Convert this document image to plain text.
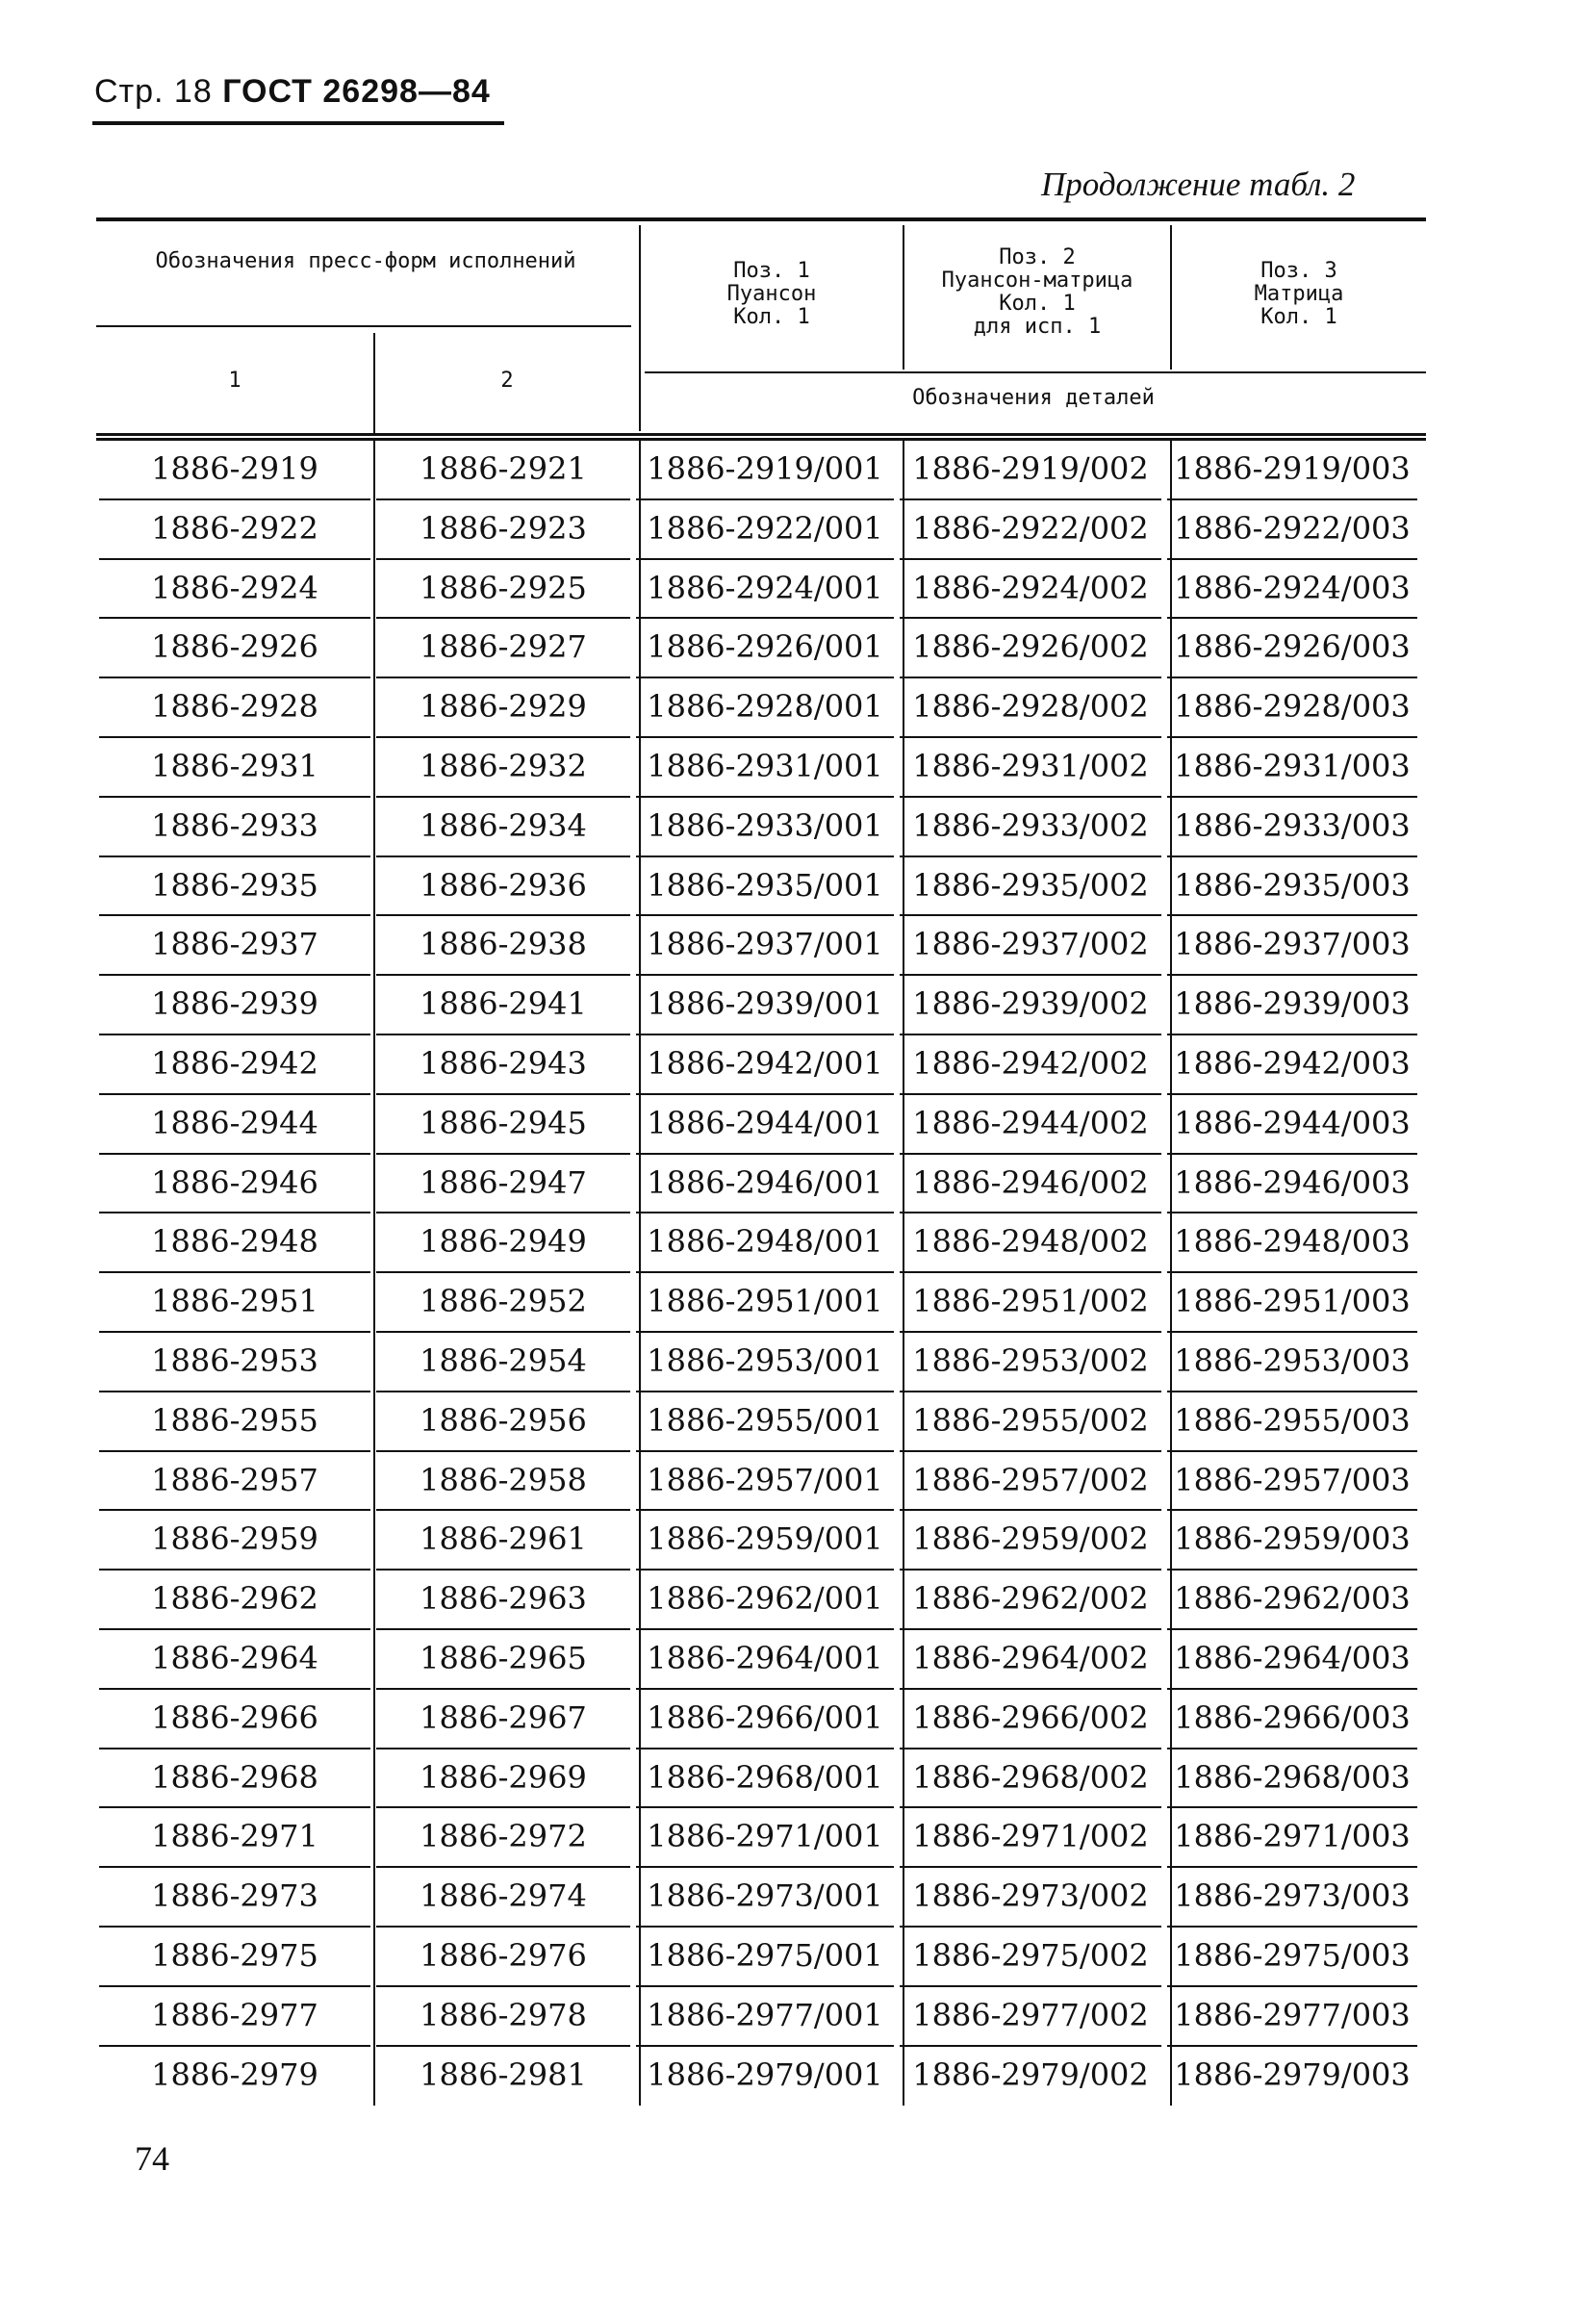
Стр. 18 ГОСТ 26298—84
Продолжение табл. 2
Обозначения пресс-форм исполнений
1	2
Поз. 1
Пуансон
Кол. 1
Поз. 2
Пуансон-матрица
Кол. 1
для исп. 1
Поз. 3
Матрица
Кол. 1
Обозначения деталей
1886-2919	1886-2921	1886-2919/001 1886-2919/002 1886-2919/003
1886-2922	1886-2923	1886-2922/001 1886-2922/002 1886-2922/003
1886-2924	1886-2925	1886-2924/001 1886-2924/002 1886-2924/003
1886-2926	1886-2927	1886-2926/001 1886-2926/002 1886-2926/003
1886-2928	1886-2929	1886-2928/001 1886-2928/002 1886-2928/003
1886-2931	1886-2932	1886-2931/001 1886-2931/002 1886-2931/003
1886-2933	1886-2934	1886-2933/001 1886-2933/002 1886-2933/003
1886-2935	1886-2936	1886-2935/001 1886-2935/002 1886-2935/003
1886-2937	1886-2938	1886-2937/001 1886-2937/002 1886-2937/003
1886-2939	1886-2941	1886-2939/001 1886-2939/002 1886-2939/003
1886-2942	1886-2943	1886-2942/001 1886-2942/002 1886-2942/003
1886-2944	1886-2945	1886-2944/001 1886-2944/002 1886-2944/003
1886-2946	1886-2947	1886-2946/001 1886-2946/002 1886-2946/003
1886-2948	1886-2949	1886-2948/001 1886-2948/002 1886-2948/003
1886-2951	1886-2952	1886-2951/001 1886-2951/002 1886-2951/003
1886-2953	1886-2954	1886-2953/001 1886-2953/002 1886-2953/003
1886-2955	1886-2956	1886-2955/001 1886-2955/002 1886-2955/003
1886-2957	1886-2958	1886-2957/001 1886-2957/002 1886-2957/003
1886-2959	1886-2961	1886-2959/001 1886-2959/002 1886-2959/003
1886-2962	1886-2963	1886-2962/001 1886-2962/002 1886-2962/003
1886-2964	1886-2965	1886-2964/001 1886-2964/002 1886-2964/003
1886-2966	1886-2967	1886-2966/001 1886-2966/002 1886-2966/003
1886-2968	1886-2969	1886-2968/001 1886-2968/002 1886-2968/003
1886-2971	1886-2972	1886-2971/001 1886-2971/002 1886-2971/003
1886-2973	1886-2974	1886-2973/001 1886-2973/002 1886-2973/003
1886-2975	1886-2976	1886-2975/001 1886-2975/002 1886-2975/003
1886-2977	1886-2978	1886-2977/001 1886-2977/002 1886-2977/003
1886-2979	1886-2981	1886-2979/001 1886-2979/002 1886-2979/003
74
